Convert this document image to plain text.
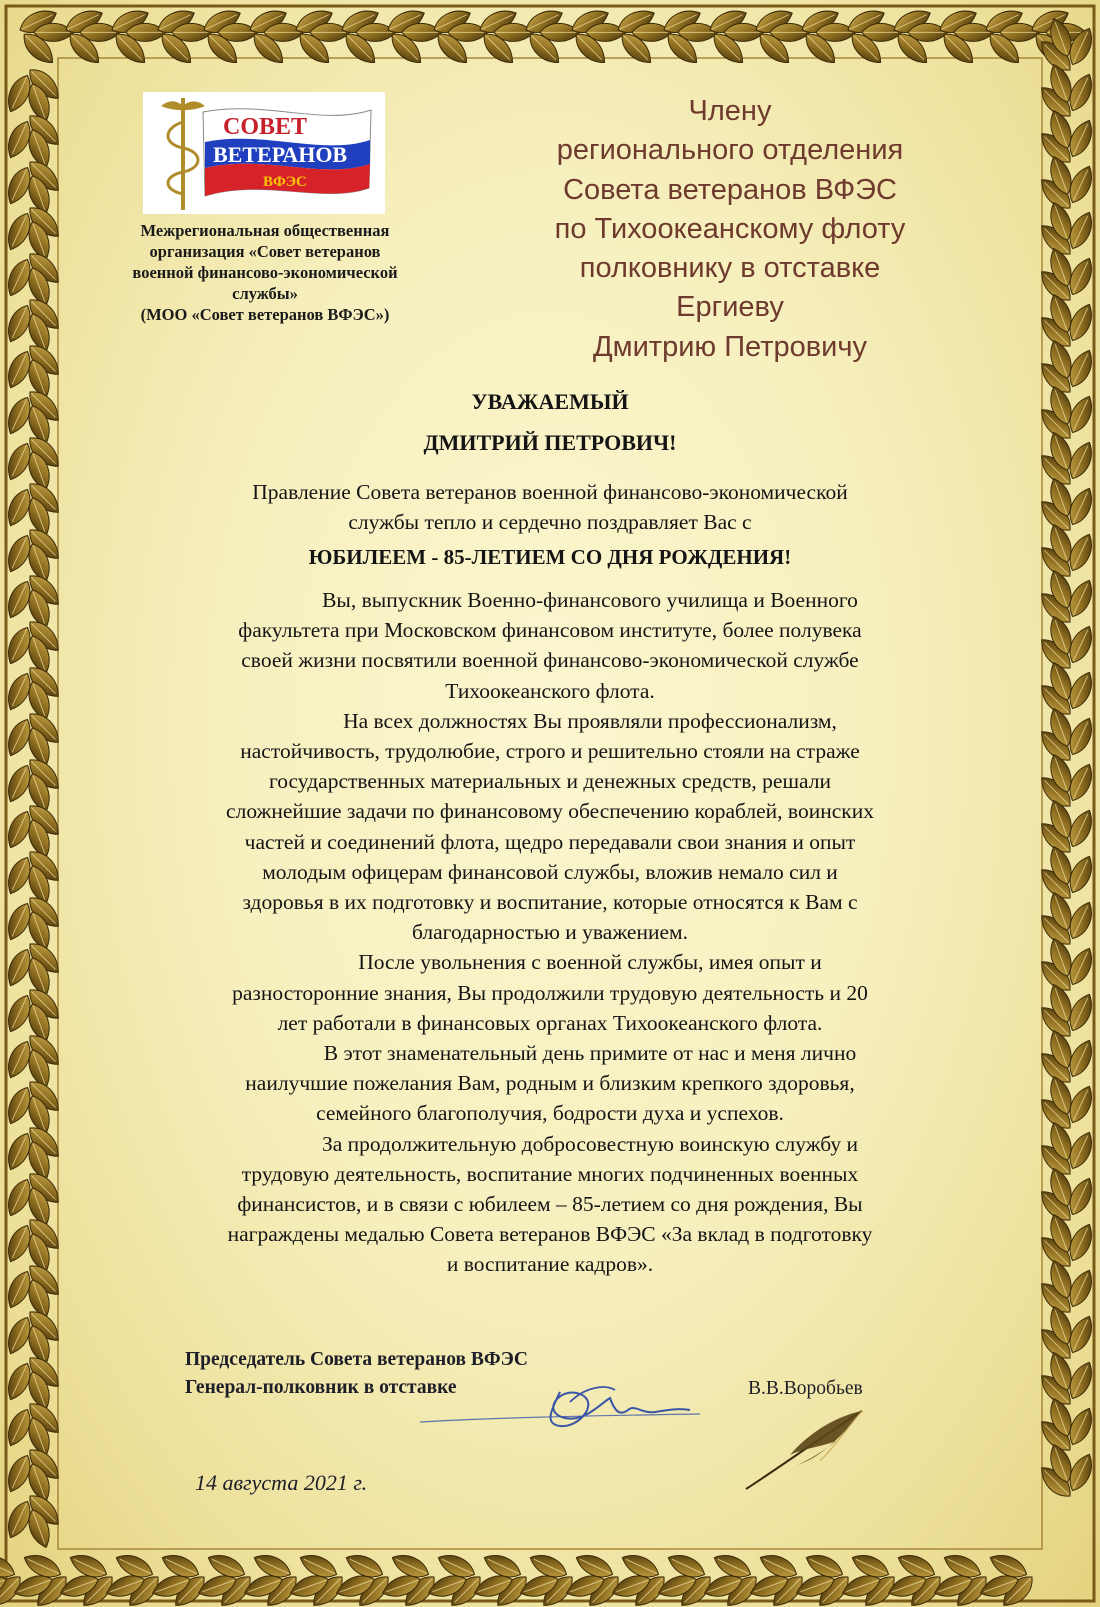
СОВЕТ
ВЕТЕРАНОВ
ВФЭС
Межрегиональная общественная
организация «Совет ветеранов
военной финансово-экономической
службы»
(МОО «Совет ветеранов ВФЭС»)
Члену
регионального отделения
Совета ветеранов ВФЭС
по Тихоокеанскому флоту
полковнику в отставке
Ергиеву
Дмитрию Петровичу
УВАЖАЕМЫЙ
ДМИТРИЙ ПЕТРОВИЧ!
Правление Совета ветеранов военной финансово-экономической
службы тепло и сердечно поздравляет Вас с
ЮБИЛЕЕМ - 85-ЛЕТИЕМ СО ДНЯ РОЖДЕНИЯ!
Вы, выпускник Военно-финансового училища и Военного
факультета при Московском финансовом институте, более полувека
своей жизни посвятили военной финансово-экономической службе
Тихоокеанского флота.
На всех должностях Вы проявляли профессионализм,
настойчивость, трудолюбие, строго и решительно стояли на страже
государственных материальных и денежных средств, решали
сложнейшие задачи по финансовому обеспечению кораблей, воинских
частей и соединений флота, щедро передавали свои знания и опыт
молодым офицерам финансовой службы, вложив немало сил и
здоровья в их подготовку и воспитание, которые относятся к Вам с
благодарностью и уважением.
После увольнения с военной службы, имея опыт и
разносторонние знания, Вы продолжили трудовую деятельность и 20
лет работали в финансовых органах Тихоокеанского флота.
В этот знаменательный день примите от нас и меня лично
наилучшие пожелания Вам, родным и близким крепкого здоровья,
семейного благополучия, бодрости духа и успехов.
За продолжительную добросовестную воинскую службу и
трудовую деятельность, воспитание многих подчиненных военных
финансистов, и в связи с юбилеем – 85-летием со дня рождения, Вы
награждены медалью Совета ветеранов ВФЭС «За вклад в подготовку
и воспитание кадров».
Председатель Совета ветеранов ВФЭС
Генерал-полковник в отставке	В.В.Воробьев
14 августа 2021 г.
